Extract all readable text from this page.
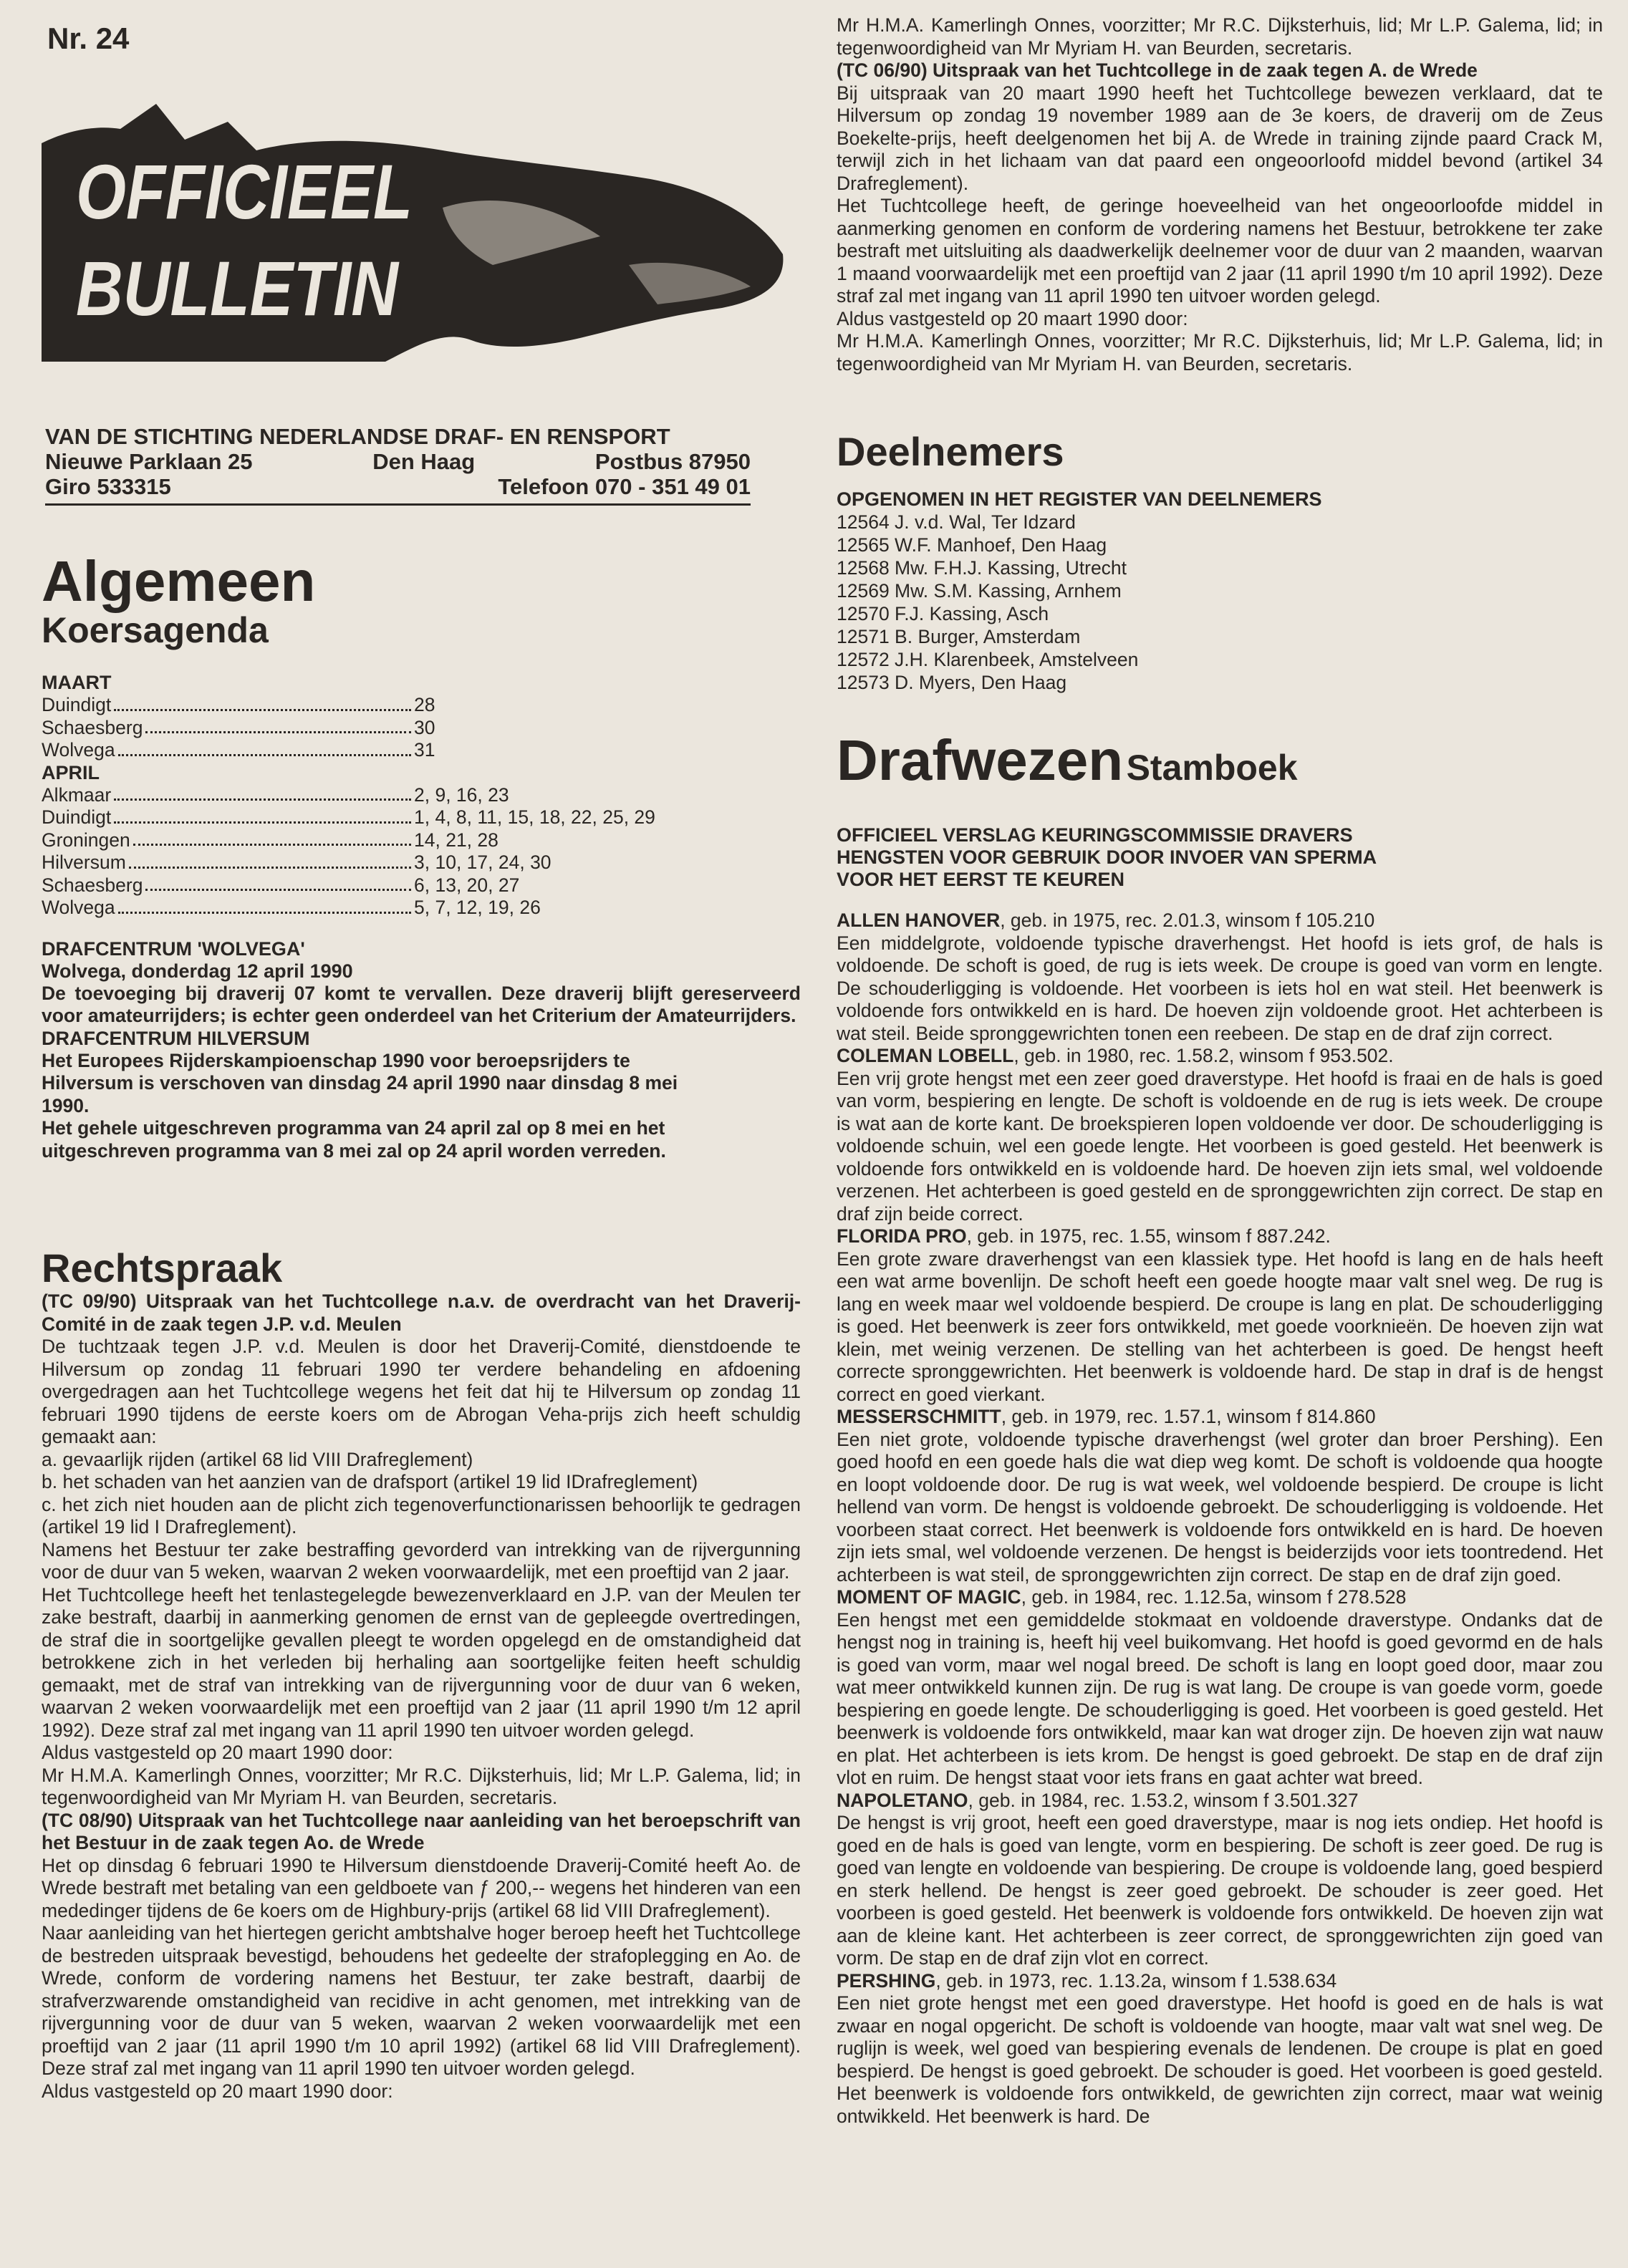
Nr. 24
OFFICIEEL
BULLETIN
VAN DE STICHTING NEDERLANDSE DRAF- EN RENSPORT
Nieuwe Parklaan 25	Den Haag	Postbus 87950
Giro 533315	Telefoon 070 - 351 49 01
Algemeen
Koersagenda
MAART
Duindigt	28
Schaesberg	30
Wolvega	31
APRIL
Alkmaar	2, 9, 16, 23
Duindigt	1, 4, 8, 11, 15, 18, 22, 25, 29
Groningen	14, 21, 28
Hilversum	3, 10, 17, 24, 30
Schaesberg	6, 13, 20, 27
Wolvega	5, 7, 12, 19, 26
DRAFCENTRUM 'WOLVEGA'
Wolvega, donderdag 12 april 1990

De toevoeging bij draverij 07 komt te vervallen. Deze draverij blijft gereserveerd voor amateurrijders; is echter geen onderdeel van het Criterium der Amateurrijders.

DRAFCENTRUM HILVERSUM

Het Europees Rijderskampioenschap 1990 voor beroepsrijders te Hilversum is verschoven van dinsdag 24 april 1990 naar dinsdag 8 mei 1990.

Het gehele uitgeschreven programma van 24 april zal op 8 mei en het uitgeschreven programma van 8 mei zal op 24 april worden verreden.

Rechtspraak

(TC 09/90) Uitspraak van het Tuchtcollege n.a.v. de overdracht van het Draverij-Comité in de zaak tegen J.P. v.d. Meulen

De tuchtzaak tegen J.P. v.d. Meulen is door het Draverij-Comité, dienstdoende te Hilversum op zondag 11 februari 1990 ter verdere behandeling en afdoening overgedragen aan het Tuchtcollege wegens het feit dat hij te Hilversum op zondag 11 februari 1990 tijdens de eerste koers om de Abrogan Veha-prijs zich heeft schuldig gemaakt aan:

a. gevaarlijk rijden (artikel 68 lid VIII Drafreglement)

b. het schaden van het aanzien van de drafsport (artikel 19 lid IDrafreglement)

c. het zich niet houden aan de plicht zich tegenoverfunctionarissen behoorlijk te gedragen (artikel 19 lid I Drafreglement).

Namens het Bestuur ter zake bestraffing gevorderd van intrekking van de rijvergunning voor de duur van 5 weken, waarvan 2 weken voorwaardelijk, met een proeftijd van 2 jaar.

Het Tuchtcollege heeft het tenlastegelegde bewezenverklaard en J.P. van der Meulen ter zake bestraft, daarbij in aanmerking genomen de ernst van de gepleegde overtredingen, de straf die in soortgelijke gevallen pleegt te worden opgelegd en de omstandigheid dat betrokkene zich in het verleden bij herhaling aan soortgelijke feiten heeft schuldig gemaakt, met de straf van intrekking van de rijvergunning voor de duur van 6 weken, waarvan 2 weken voorwaardelijk met een proeftijd van 2 jaar (11 april 1990 t/m 12 april 1992). Deze straf zal met ingang van 11 april 1990 ten uitvoer worden gelegd.

Aldus vastgesteld op 20 maart 1990 door:

Mr H.M.A. Kamerlingh Onnes, voorzitter; Mr R.C. Dijksterhuis, lid; Mr L.P. Galema, lid; in tegenwoordigheid van Mr Myriam H. van Beurden, secretaris.

(TC 08/90) Uitspraak van het Tuchtcollege naar aanleiding van het beroepschrift van het Bestuur in de zaak tegen Ao. de Wrede

Het op dinsdag 6 februari 1990 te Hilversum dienstdoende Draverij-Comité heeft Ao. de Wrede bestraft met betaling van een geldboete van ƒ 200,-- wegens het hinderen van een mededinger tijdens de 6e koers om de Highbury-prijs (artikel 68 lid VIII Drafreglement).

Naar aanleiding van het hiertegen gericht ambtshalve hoger beroep heeft het Tuchtcollege de bestreden uitspraak bevestigd, behoudens het gedeelte der strafoplegging en Ao. de Wrede, conform de vordering namens het Bestuur, ter zake bestraft, daarbij de strafverzwarende omstandigheid van recidive in acht genomen, met intrekking van de rijvergunning voor de duur van 5 weken, waarvan 2 weken voorwaardelijk met een proeftijd van 2 jaar (11 april 1990 t/m 10 april 1992) (artikel 68 lid VIII Drafreglement). Deze straf zal met ingang van 11 april 1990 ten uitvoer worden gelegd.

Aldus vastgesteld op 20 maart 1990 door:

Mr H.M.A. Kamerlingh Onnes, voorzitter; Mr R.C. Dijksterhuis, lid; Mr L.P. Galema, lid; in tegenwoordigheid van Mr Myriam H. van Beurden, secretaris.

(TC 06/90) Uitspraak van het Tuchtcollege in de zaak tegen A. de Wrede

Bij uitspraak van 20 maart 1990 heeft het Tuchtcollege bewezen verklaard, dat te Hilversum op zondag 19 november 1989 aan de 3e koers, de draverij om de Zeus Boekelte-prijs, heeft deelgenomen het bij A. de Wrede in training zijnde paard Crack M, terwijl zich in het lichaam van dat paard een ongeoorloofd middel bevond (artikel 34 Drafreglement).

Het Tuchtcollege heeft, de geringe hoeveelheid van het ongeoorloofde middel in aanmerking genomen en conform de vordering namens het Bestuur, betrokkene ter zake bestraft met uitsluiting als daadwerkelijk deelnemer voor de duur van 2 maanden, waarvan 1 maand voorwaardelijk met een proeftijd van 2 jaar (11 april 1990 t/m 10 april 1992). Deze straf zal met ingang van 11 april 1990 ten uitvoer worden gelegd.

Aldus vastgesteld op 20 maart 1990 door:

Mr H.M.A. Kamerlingh Onnes, voorzitter; Mr R.C. Dijksterhuis, lid; Mr L.P. Galema, lid; in tegenwoordigheid van Mr Myriam H. van Beurden, secretaris.

Deelnemers
OPGENOMEN IN HET REGISTER VAN DEELNEMERS
12564 J. v.d. Wal, Ter Idzard
12565 W.F. Manhoef, Den Haag
12568 Mw. F.H.J. Kassing, Utrecht
12569 Mw. S.M. Kassing, Arnhem
12570 F.J. Kassing, Asch
12571 B. Burger, Amsterdam
12572 J.H. Klarenbeek, Amstelveen
12573 D. Myers, Den Haag
Drafwezen Stamboek
OFFICIEEL VERSLAG KEURINGSCOMMISSIE DRAVERS
HENGSTEN VOOR GEBRUIK DOOR INVOER VAN SPERMA
VOOR HET EERST TE KEUREN

ALLEN HANOVER, geb. in 1975, rec. 2.01.3, winsom f 105.210

Een middelgrote, voldoende typische draverhengst. Het hoofd is iets grof, de hals is voldoende. De schoft is goed, de rug is iets week. De croupe is goed van vorm en lengte. De schouderligging is voldoende. Het voorbeen is iets hol en wat steil. Het beenwerk is voldoende fors ontwikkeld en is hard. De hoeven zijn voldoende groot. Het achterbeen is wat steil. Beide spronggewrichten tonen een reebeen. De stap en de draf zijn correct.

COLEMAN LOBELL, geb. in 1980, rec. 1.58.2, winsom f 953.502.

Een vrij grote hengst met een zeer goed draverstype. Het hoofd is fraai en de hals is goed van vorm, bespiering en lengte. De schoft is voldoende en de rug is iets week. De croupe is wat aan de korte kant. De broekspieren lopen voldoende ver door. De schouderligging is voldoende schuin, wel een goede lengte. Het voorbeen is goed gesteld. Het beenwerk is voldoende fors ontwikkeld en is voldoende hard. De hoeven zijn iets smal, wel voldoende verzenen. Het achterbeen is goed gesteld en de spronggewrichten zijn correct. De stap en draf zijn beide correct.

FLORIDA PRO, geb. in 1975, rec. 1.55, winsom f 887.242.

Een grote zware draverhengst van een klassiek type. Het hoofd is lang en de hals heeft een wat arme bovenlijn. De schoft heeft een goede hoogte maar valt snel weg. De rug is lang en week maar wel voldoende bespierd. De croupe is lang en plat. De schouderligging is goed. Het beenwerk is zeer fors ontwikkeld, met goede voorknieën. De hoeven zijn wat klein, met weinig verzenen. De stelling van het achterbeen is goed. De hengst heeft correcte spronggewrichten. Het beenwerk is voldoende hard. De stap in draf is de hengst correct en goed vierkant.

MESSERSCHMITT, geb. in 1979, rec. 1.57.1, winsom f 814.860

Een niet grote, voldoende typische draverhengst (wel groter dan broer Pershing). Een goed hoofd en een goede hals die wat diep weg komt. De schoft is voldoende qua hoogte en loopt voldoende door. De rug is wat week, wel voldoende bespierd. De croupe is licht hellend van vorm. De hengst is voldoende gebroekt. De schouderligging is voldoende. Het voorbeen staat correct. Het beenwerk is voldoende fors ontwikkeld en is hard. De hoeven zijn iets smal, wel voldoende verzenen. De hengst is beiderzijds voor iets toontredend. Het achterbeen is wat steil, de spronggewrichten zijn correct. De stap en de draf zijn goed.

MOMENT OF MAGIC, geb. in 1984, rec. 1.12.5a, winsom f 278.528

Een hengst met een gemiddelde stokmaat en voldoende draverstype. Ondanks dat de hengst nog in training is, heeft hij veel buikomvang. Het hoofd is goed gevormd en de hals is goed van vorm, maar wel nogal breed. De schoft is lang en loopt goed door, maar zou wat meer ontwikkeld kunnen zijn. De rug is wat lang. De croupe is van goede vorm, goede bespiering en goede lengte. De schouderligging is goed. Het voorbeen is goed gesteld. Het beenwerk is voldoende fors ontwikkeld, maar kan wat droger zijn. De hoeven zijn wat nauw en plat. Het achterbeen is iets krom. De hengst is goed gebroekt. De stap en de draf zijn vlot en ruim. De hengst staat voor iets frans en gaat achter wat breed.

NAPOLETANO, geb. in 1984, rec. 1.53.2, winsom f 3.501.327

De hengst is vrij groot, heeft een goed draverstype, maar is nog iets ondiep. Het hoofd is goed en de hals is goed van lengte, vorm en bespiering. De schoft is zeer goed. De rug is goed van lengte en voldoende van bespiering. De croupe is voldoende lang, goed bespierd en sterk hellend. De hengst is zeer goed gebroekt. De schouder is zeer goed. Het voorbeen is goed gesteld. Het beenwerk is voldoende fors ontwikkeld. De hoeven zijn wat aan de kleine kant. Het achterbeen is zeer correct, de spronggewrichten zijn goed van vorm. De stap en de draf zijn vlot en correct.

PERSHING, geb. in 1973, rec. 1.13.2a, winsom f 1.538.634

Een niet grote hengst met een goed draverstype. Het hoofd is goed en de hals is wat zwaar en nogal opgericht. De schoft is voldoende van hoogte, maar valt wat snel weg. De ruglijn is week, wel goed van bespiering evenals de lendenen. De croupe is plat en goed bespierd. De hengst is goed gebroekt. De schouder is goed. Het voorbeen is goed gesteld. Het beenwerk is voldoende fors ontwikkeld, de gewrichten zijn correct, maar wat weinig ontwikkeld. Het beenwerk is hard. De
